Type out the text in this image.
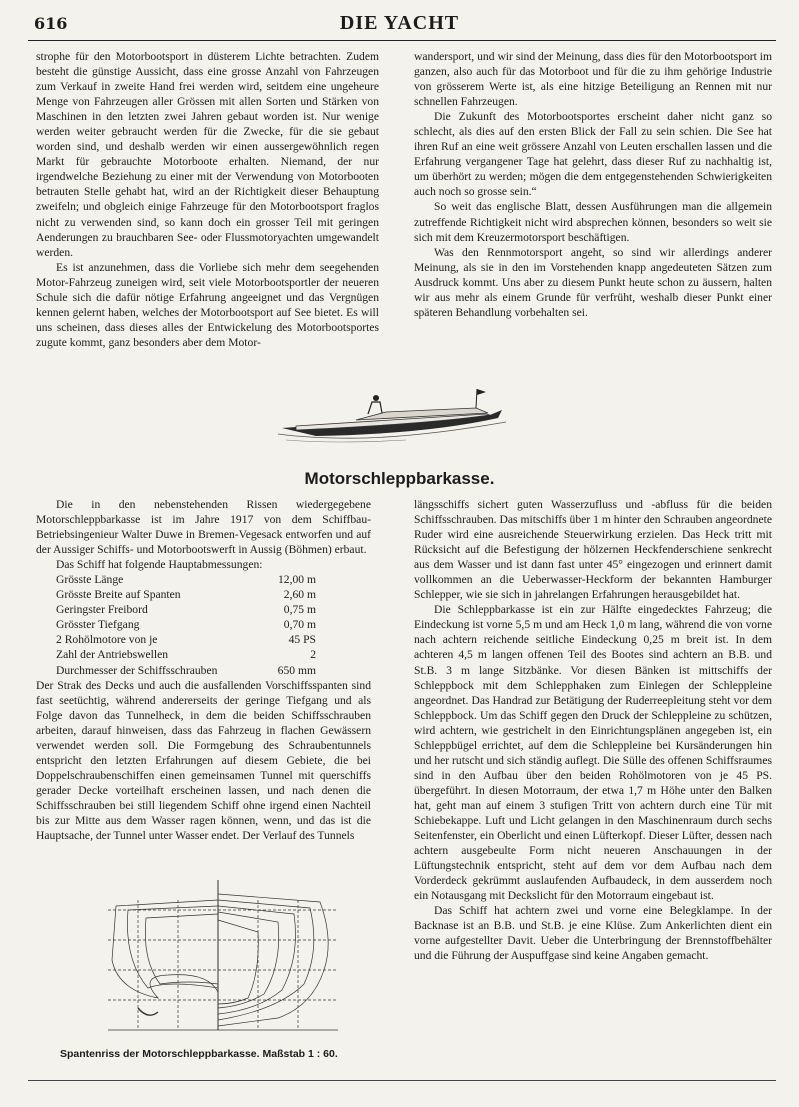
616	DIE YACHT

strophe für den Motorbootsport in düsterem Lichte betrachten. Zudem besteht die günstige Aussicht, dass eine grosse Anzahl von Fahrzeugen zum Verkauf in zweite Hand frei werden wird, seitdem eine ungeheure Menge von Fahrzeugen aller Grössen mit allen Sorten und Stärken von Maschinen in den letzten zwei Jahren gebaut worden ist. Nur wenige werden weiter gebraucht werden für die Zwecke, für die sie gebaut worden sind, und deshalb werden wir einen aussergewöhnlich regen Markt für gebrauchte Motorboote erhalten. Niemand, der nur irgendwelche Beziehung zu einer mit der Verwendung von Motorbooten betrauten Stelle gehabt hat, wird an der Richtigkeit dieser Behauptung zweifeln; und obgleich einige Fahrzeuge für den Motorbootsport fraglos nicht zu verwenden sind, so kann doch ein grosser Teil mit geringen Aenderungen zu brauchbaren See- oder Flussmotoryachten umgewandelt werden.

Es ist anzunehmen, dass die Vorliebe sich mehr dem seegehenden Motor-Fahrzeug zuneigen wird, seit viele Motorbootsportler der neueren Schule sich die dafür nötige Erfahrung angeeignet und das Vergnügen kennen gelernt haben, welches der Motorbootsport auf See bietet. Es will uns scheinen, dass dieses alles der Entwickelung des Motorbootsportes zugute kommt, ganz besonders aber dem Motor-

wandersport, und wir sind der Meinung, dass dies für den Motorbootsport im ganzen, also auch für das Motorboot und für die zu ihm gehörige Industrie von grösserem Werte ist, als eine hitzige Beteiligung an Rennen mit nur schnellen Fahrzeugen.

Die Zukunft des Motorbootsportes erscheint daher nicht ganz so schlecht, als dies auf den ersten Blick der Fall zu sein schien. Die See hat ihren Ruf an eine weit grössere Anzahl von Leuten erschallen lassen und die Erfahrung vergangener Tage hat gelehrt, dass dieser Ruf zu nachhaltig ist, um überhört zu werden; mögen die dem entgegenstehenden Schwierigkeiten auch noch so grosse sein.“

So weit das englische Blatt, dessen Ausführungen man die allgemein zutreffende Richtigkeit nicht wird absprechen können, besonders so weit sie sich mit dem Kreuzermotorsport beschäftigen.

Was den Rennmotorsport angeht, so sind wir allerdings anderer Meinung, als sie in den im Vorstehenden knapp angedeuteten Sätzen zum Ausdruck kommt. Uns aber zu diesem Punkt heute schon zu äussern, halten wir aus mehr als einem Grunde für verfrüht, weshalb dieser Punkt einer späteren Behandlung vorbehalten sei.

Motorschleppbarkasse.

Die in den nebenstehenden Rissen wiedergegebene Motorschleppbarkasse ist im Jahre 1917 von dem Schiffbau-Betriebsingenieur Walter Duwe in Bremen-Vegesack entworfen und auf der Aussiger Schiffs- und Motorbootswerft in Aussig (Böhmen) erbaut.

Das Schiff hat folgende Hauptabmessungen:

Grösste Länge	12,00 m
Grösste Breite auf Spanten	2,60 m
Geringster Freibord	0,75 m
Grösster Tiefgang	0,70 m
2 Rohölmotore von je	45 PS
Zahl der Antriebswellen	2
Durchmesser der Schiffsschrauben	650 mm

Der Strak des Decks und auch die ausfallenden Vorschiffsspanten sind fast seetüchtig, während andererseits der geringe Tiefgang und als Folge davon das Tunnelheck, in dem die beiden Schiffsschrauben arbeiten, darauf hinweisen, dass das Fahrzeug in flachen Gewässern verwendet werden soll. Die Formgebung des Schraubentunnels entspricht den letzten Erfahrungen auf diesem Gebiete, die bei Doppelschraubenschiffen einen gemeinsamen Tunnel mit querschiffs gerader Decke vorteilhaft erscheinen lassen, und nach denen die Schiffsschrauben bei still liegendem Schiff ohne irgend einen Nachteil bis zur Mitte aus dem Wasser ragen können, wenn, und das ist die Hauptsache, der Tunnel unter Wasser endet. Der Verlauf des Tunnels

längsschiffs sichert guten Wasserzufluss und -abfluss für die beiden Schiffsschrauben. Das mitschiffs über 1 m hinter den Schrauben angeordnete Ruder wird eine ausreichende Steuerwirkung erzielen. Das Heck tritt mit Rücksicht auf die Befestigung der hölzernen Heckfenderschiene senkrecht aus dem Wasser und ist dann fast unter 45° eingezogen und erinnert damit vollkommen an die Ueberwasser-Heckform der bekannten Hamburger Schlepper, wie sie sich in jahrelangen Erfahrungen herausgebildet hat.

Die Schleppbarkasse ist ein zur Hälfte eingedecktes Fahrzeug; die Eindeckung ist vorne 5,5 m und am Heck 1,0 m lang, während die von vorne nach achtern reichende seitliche Eindeckung 0,25 m breit ist. In dem achteren 4,5 m langen offenen Teil des Bootes sind achtern an B.B. und St.B. 3 m lange Sitzbänke. Vor diesen Bänken ist mittschiffs der Schleppbock mit dem Schlepphaken zum Einlegen der Schleppleine angeordnet. Das Handrad zur Betätigung der Ruderreepleitung steht vor dem Schleppbock. Um das Schiff gegen den Druck der Schleppleine zu schützen, wird achtern, wie gestrichelt in den Einrichtungsplänen angegeben ist, ein Schleppbügel errichtet, auf dem die Schleppleine bei Kursänderungen hin und her rutscht und sich ständig auflegt. Die Sülle des offenen Schiffsraumes sind in den Aufbau über den beiden Rohölmotoren von je 45 PS. übergeführt. In diesen Motorraum, der etwa 1,7 m Höhe unter den Balken hat, geht man auf einem 3 stufigen Tritt von achtern durch eine Tür mit Schiebekappe. Luft und Licht gelangen in den Maschinenraum durch sechs Seitenfenster, ein Oberlicht und einen Lüfterkopf. Dieser Lüfter, dessen nach achtern ausgebeulte Form nicht neueren Anschauungen in der Lüftungstechnik entspricht, steht auf dem vor dem Aufbau nach dem Vorderdeck gekrümmt auslaufenden Aufbaudeck, in dem ausserdem noch ein Notausgang mit Deckslicht für den Motorraum eingebaut ist.

Das Schiff hat achtern zwei und vorne eine Belegklampe. In der Backnase ist an B.B. und St.B. je eine Klüse. Zum Ankerlichten dient ein vorne aufgestellter Davit. Ueber die Unterbringung der Brennstoffbehälter und die Führung der Auspuffgase sind keine Angaben gemacht.

Spantenriss der Motorschleppbarkasse. Maßstab 1 : 60.
